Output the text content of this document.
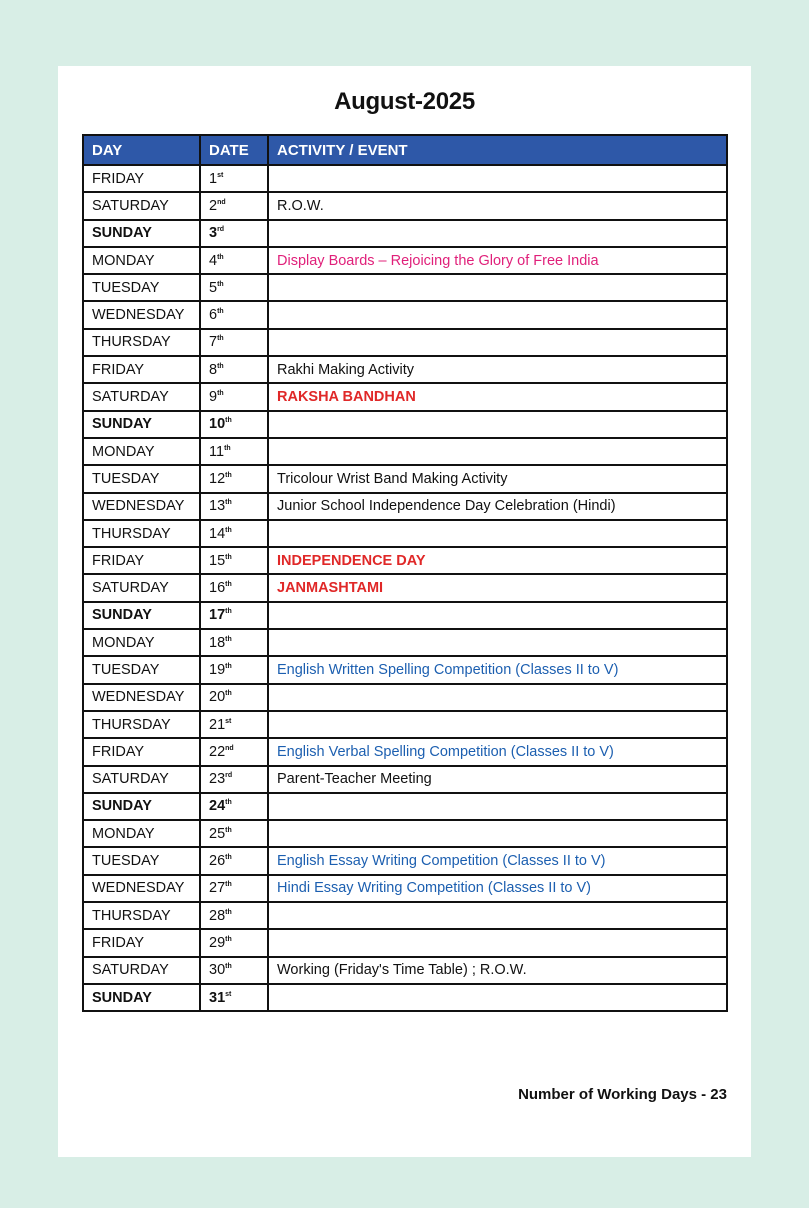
August-2025
DAY	DATE	ACTIVITY / EVENT
FRIDAY	1st	
SATURDAY	2nd	R.O.W.
SUNDAY	3rd	
MONDAY	4th	Display Boards – Rejoicing the Glory of Free India
TUESDAY	5th	
WEDNESDAY	6th	
THURSDAY	7th	
FRIDAY	8th	Rakhi Making Activity
SATURDAY	9th	RAKSHA BANDHAN
SUNDAY	10th	
MONDAY	11th	
TUESDAY	12th	Tricolour Wrist Band Making Activity
WEDNESDAY	13th	Junior School Independence Day Celebration (Hindi)
THURSDAY	14th	
FRIDAY	15th	INDEPENDENCE DAY
SATURDAY	16th	JANMASHTAMI
SUNDAY	17th	
MONDAY	18th	
TUESDAY	19th	English Written Spelling Competition (Classes II to V)
WEDNESDAY	20th	
THURSDAY	21st	
FRIDAY	22nd	English Verbal Spelling Competition (Classes II to V)
SATURDAY	23rd	Parent-Teacher Meeting
SUNDAY	24th	
MONDAY	25th	
TUESDAY	26th	English Essay Writing Competition (Classes II to V)
WEDNESDAY	27th	Hindi Essay Writing Competition (Classes II to V)
THURSDAY	28th	
FRIDAY	29th	
SATURDAY	30th	Working (Friday's Time Table) ; R.O.W.
SUNDAY	31st	
Number of Working Days - 23
